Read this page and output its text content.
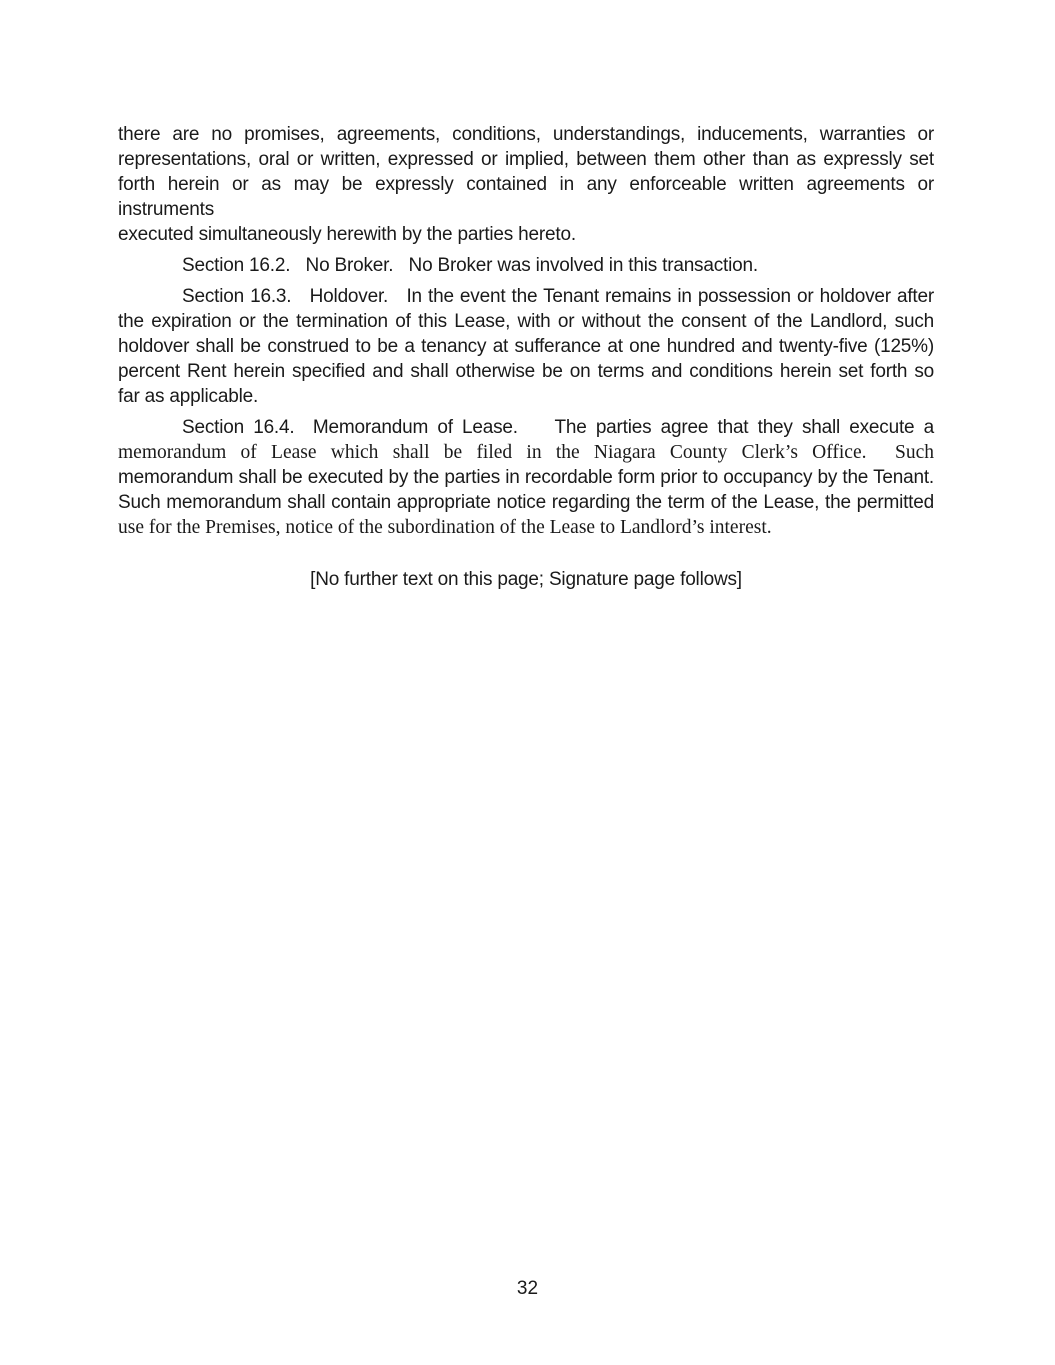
there are no promises, agreements, conditions, understandings, inducements, warranties or
representations, oral or written, expressed or implied, between them other than as expressly set
forth herein or as may be expressly contained in any enforceable written agreements or instruments
executed simultaneously herewith by the parties hereto.

Section 16.2.   No Broker.   No Broker was involved in this transaction.

Section 16.3.   Holdover.   In the event the Tenant remains in possession or holdover after
the expiration or the termination of this Lease, with or without the consent of the Landlord, such
holdover shall be construed to be a tenancy at sufferance at one hundred and twenty-five (125%)
percent Rent herein specified and shall otherwise be on terms and conditions herein set forth so
far as applicable.

Section 16.4.  Memorandum of Lease.    The parties agree that they shall execute a
memorandum of Lease which shall be filed in the Niagara County Clerk’s Office.  Such
memorandum shall be executed by the parties in recordable form prior to occupancy by the Tenant.
Such memorandum shall contain appropriate notice regarding the term of the Lease, the permitted
use for the Premises, notice of the subordination of the Lease to Landlord’s interest.

[No further text on this page; Signature page follows]
32
